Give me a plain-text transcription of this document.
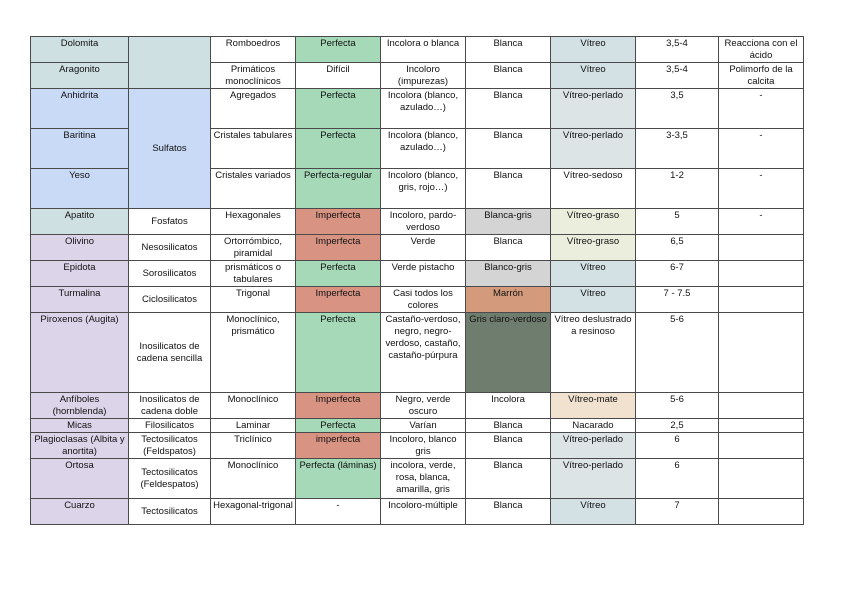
Dolomita		Romboedros	Perfecta	Incolora o blanca	Blanca	Vítreo	3,5-4	Reacciona con el ácido
Aragonito		Primáticos monoclínicos	Difícil	Incoloro (impurezas)	Blanca	Vítreo	3,5-4	Polimorfo de la calcita
Anhidrita	Sulfatos	Agregados	Perfecta	Incolora (blanco, azulado…)	Blanca	Vítreo-perlado	3,5	-
Baritina		Cristales tabulares	Perfecta	Incolora (blanco, azulado…)	Blanca	Vítreo-perlado	3-3,5	-
Yeso		Cristales variados	Perfecta-regular	Incoloro (blanco, gris, rojo…)	Blanca	Vítreo-sedoso	1-2	-
Apatito	Fosfatos	Hexagonales	Imperfecta	Incoloro, pardo-verdoso	Blanca-gris	Vítreo-graso	5	-
Olivino	Nesosilicatos	Ortorrómbico, piramidal	Imperfecta	Verde	Blanca	Vítreo-graso	6,5	
Epidota	Sorosilicatos	prismáticos o tabulares	Perfecta	Verde pistacho	Blanco-gris	Vítreo	6-7	
Turmalina	Ciclosilicatos	Trigonal	Imperfecta	Casi todos los colores	Marrón	Vítreo	7 - 7.5	
Piroxenos (Augita)	Inosilicatos de cadena sencilla	Monoclínico, prismático	Perfecta	Castaño-verdoso, negro, negro-verdoso, castaño, castaño-púrpura	Gris claro-verdoso	Vítreo deslustrado a resinoso	5-6	
Anfíboles (hornblenda)	Inosilicatos de cadena doble	Monoclínico	Imperfecta	Negro, verde oscuro	Incolora	Vítreo-mate	5-6	
Micas	Filosilicatos	Laminar	Perfecta	Varían	Blanca	Nacarado	2,5	
Plagioclasas (Albita y anortita)	Tectosilicatos (Feldspatos)	Triclínico	imperfecta	Incoloro, blanco gris	Blanca	Vítreo-perlado	6	
Ortosa	Tectosilicatos (Feldespatos)	Monoclínico	Perfecta (láminas)	incolora, verde, rosa, blanca, amarilla, gris	Blanca	Vítreo-perlado	6	
Cuarzo	Tectosilicatos	Hexagonal-trigonal	-	Incoloro-múltiple	Blanca	Vítreo	7	
